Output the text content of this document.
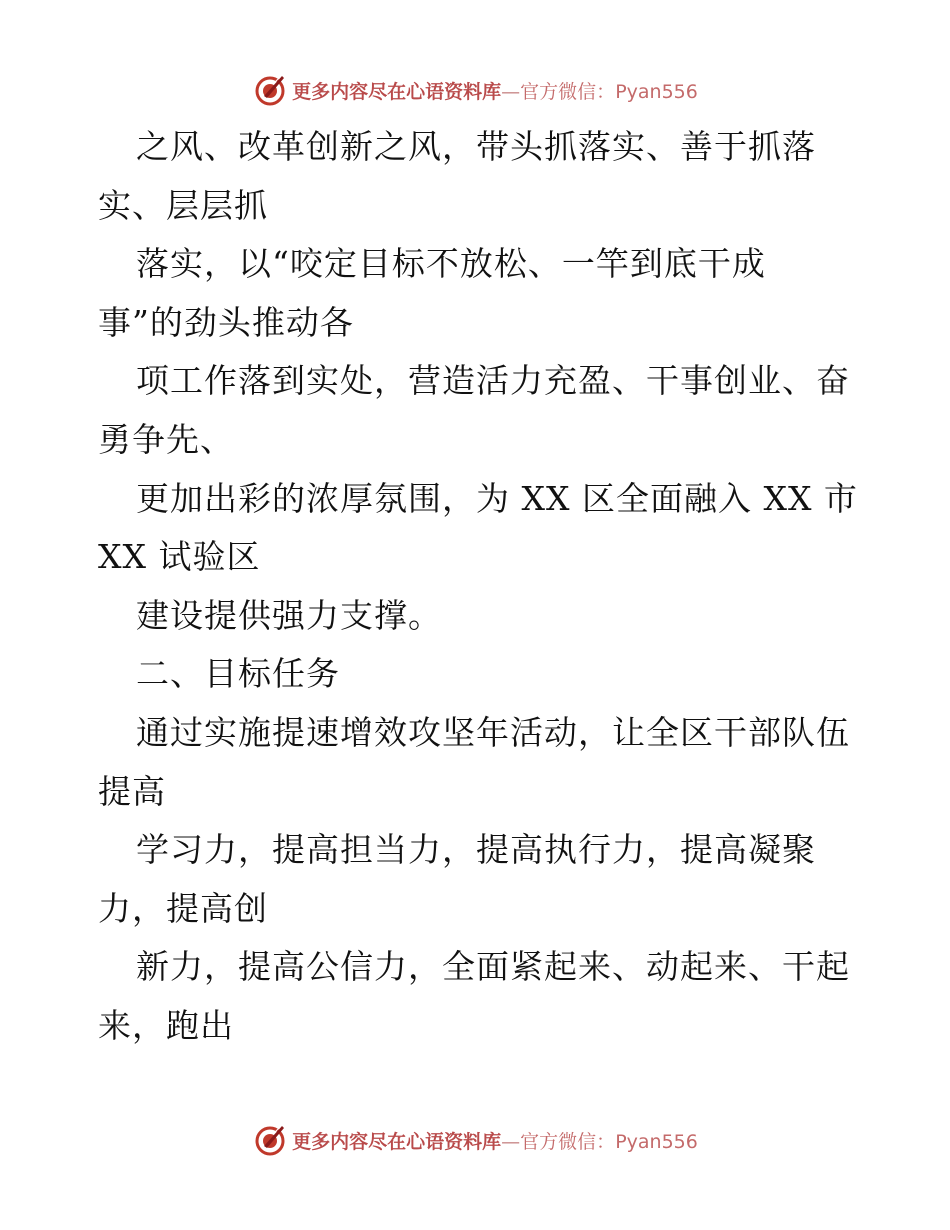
更多内容尽在心语资料库—官方微信：Pyan556
之风、改革创新之风，带头抓落实、善于抓落
实、层层抓
落实，以“咬定目标不放松、一竿到底干成
事”的劲头推动各
项工作落到实处，营造活力充盈、干事创业、奋
勇争先、
更加出彩的浓厚氛围，为 XX 区全面融入 XX 市
XX 试验区
建设提供强力支撑。
二、目标任务
通过实施提速增效攻坚年活动，让全区干部队伍
提高
学习力，提高担当力，提高执行力，提高凝聚
力，提高创
新力，提高公信力，全面紧起来、动起来、干起
来，跑出
更多内容尽在心语资料库—官方微信：Pyan556
